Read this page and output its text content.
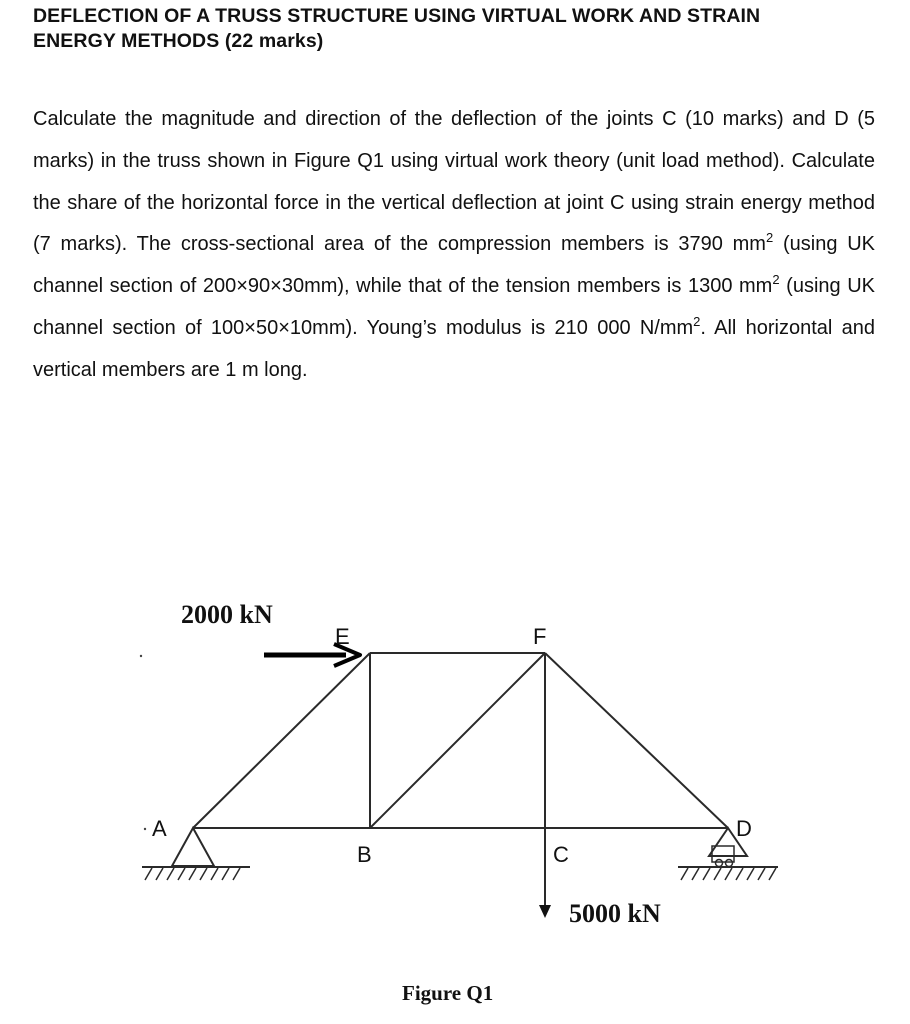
DEFLECTION OF A TRUSS STRUCTURE USING VIRTUAL WORK AND STRAIN
ENERGY METHODS (22 marks)
Calculate the magnitude and direction of the deflection of the joints C (10 marks) and D (5 marks) in the truss shown in Figure Q1 using virtual work theory (unit load method). Calculate the share of the horizontal force in the vertical deflection at joint C using strain energy method (7 marks). The cross-sectional area of the compression members is 3790 $mm^2$ (using UK channel section of 200×90×30mm), while that of the tension members is 1300 $mm^2$ (using UK channel section of 100×50×10mm). Young’s modulus is 210 000 $N/mm^2$. All horizontal and vertical members are 1 m long.
A
B	C
D
E	F
2000 kN
5000 kN
Figure Q1
